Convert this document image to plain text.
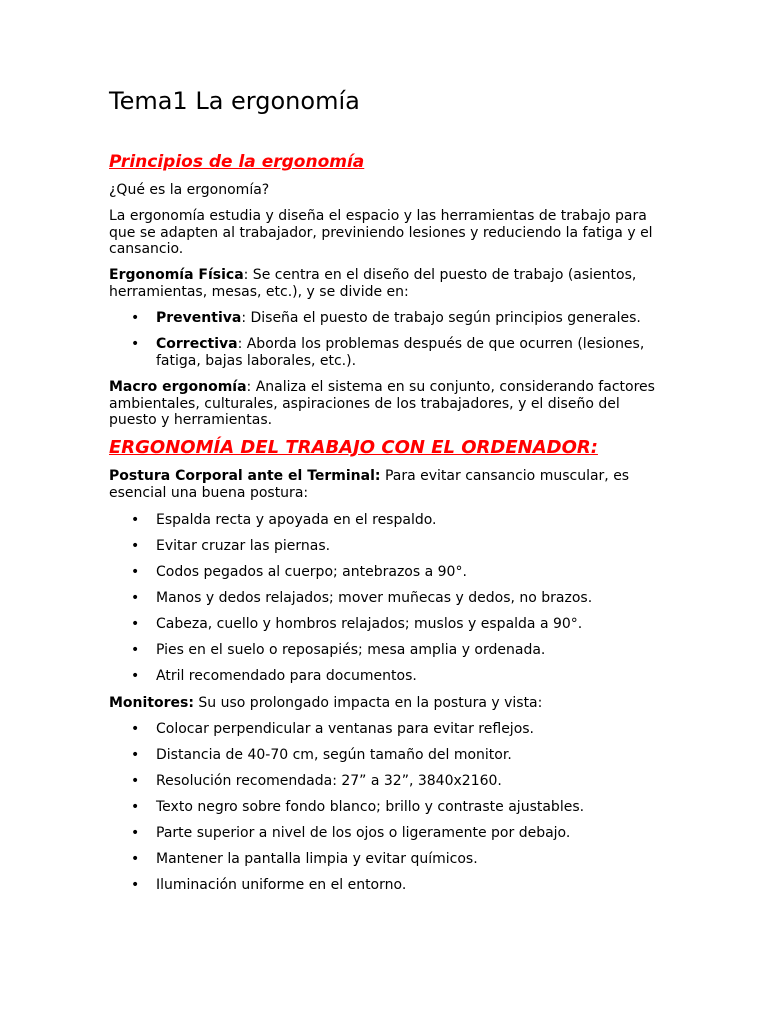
Tema1 La ergonomía
Principios de la ergonomía

¿Qué es la ergonomía?

La ergonomía estudia y diseña el espacio y las herramientas de trabajo para que se adapten al trabajador, previniendo lesiones y reduciendo la fatiga y el cansancio.

Ergonomía Física: Se centra en el diseño del puesto de trabajo (asientos, herramientas, mesas, etc.), y se divide en:

• Preventiva: Diseña el puesto de trabajo según principios generales.
• Correctiva: Aborda los problemas después de que ocurren (lesiones, fatiga, bajas laborales, etc.).

Macro ergonomía: Analiza el sistema en su conjunto, considerando factores ambientales, culturales, aspiraciones de los trabajadores, y el diseño del puesto y herramientas.

ERGONOMÍA DEL TRABAJO CON EL ORDENADOR:

Postura Corporal ante el Terminal: Para evitar cansancio muscular, es esencial una buena postura:

• Espalda recta y apoyada en el respaldo.
• Evitar cruzar las piernas.
• Codos pegados al cuerpo; antebrazos a 90°.
• Manos y dedos relajados; mover muñecas y dedos, no brazos.
• Cabeza, cuello y hombros relajados; muslos y espalda a 90°.
• Pies en el suelo o reposapiés; mesa amplia y ordenada.
• Atril recomendado para documentos.

Monitores: Su uso prolongado impacta en la postura y vista:

• Colocar perpendicular a ventanas para evitar reflejos.
• Distancia de 40-70 cm, según tamaño del monitor.
• Resolución recomendada: 27” a 32”, 3840x2160.
• Texto negro sobre fondo blanco; brillo y contraste ajustables.
• Parte superior a nivel de los ojos o ligeramente por debajo.
• Mantener la pantalla limpia y evitar químicos.
• Iluminación uniforme en el entorno.
